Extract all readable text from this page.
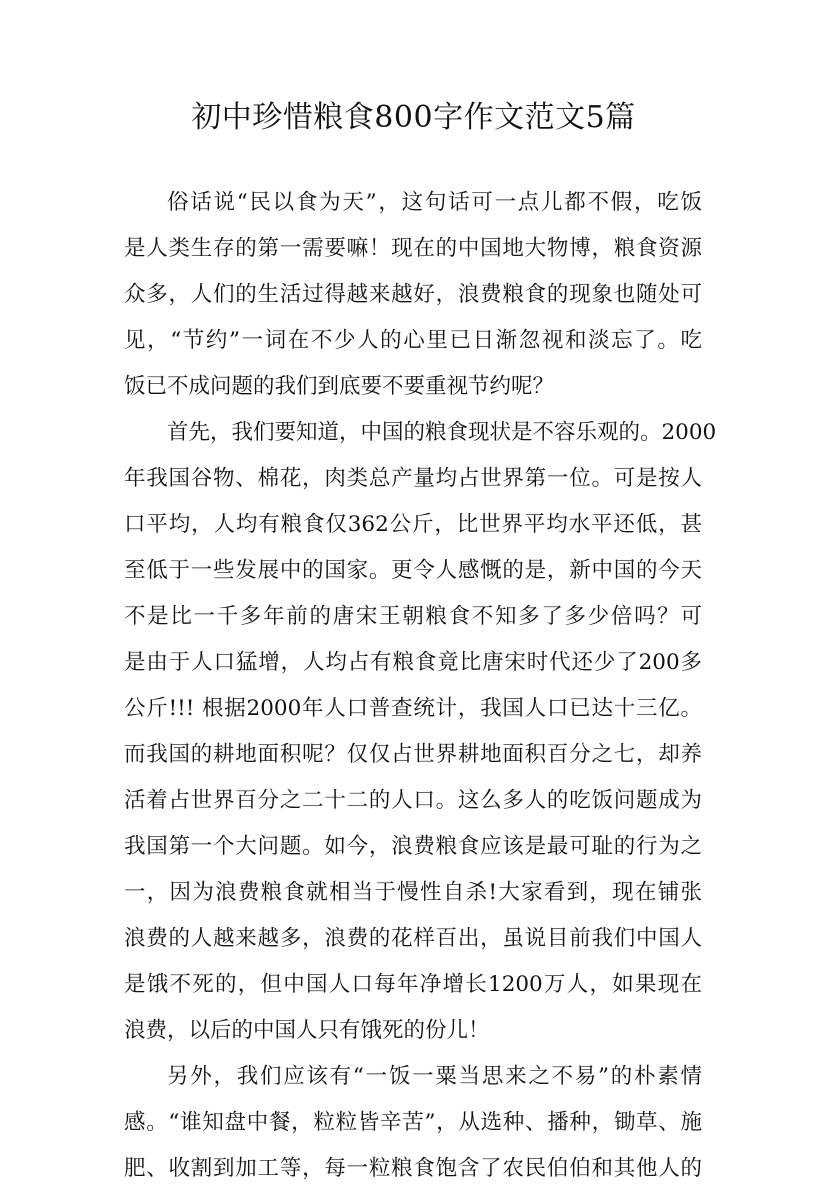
初中珍惜粮食800字作文范文5篇
俗话说“民以食为天”，这句话可一点儿都不假，吃饭
是人类生存的第一需要嘛！现在的中国地大物博，粮食资源
众多，人们的生活过得越来越好，浪费粮食的现象也随处可
见，“节约”一词在不少人的心里已日渐忽视和淡忘了。吃
饭已不成问题的我们到底要不要重视节约呢？
首先，我们要知道，中国的粮食现状是不容乐观的。2000
年我国谷物、棉花，肉类总产量均占世界第一位。可是按人
口平均，人均有粮食仅362公斤，比世界平均水平还低，甚
至低于一些发展中的国家。更令人感慨的是，新中国的今天
不是比一千多年前的唐宋王朝粮食不知多了多少倍吗？可
是由于人口猛增，人均占有粮食竟比唐宋时代还少了200多
公斤!!! 根据2000年人口普查统计，我国人口已达十三亿。
而我国的耕地面积呢？仅仅占世界耕地面积百分之七，却养
活着占世界百分之二十二的人口。这么多人的吃饭问题成为
我国第一个大问题。如今，浪费粮食应该是最可耻的行为之
一，因为浪费粮食就相当于慢性自杀!大家看到，现在铺张
浪费的人越来越多，浪费的花样百出，虽说目前我们中国人
是饿不死的，但中国人口每年净增长1200万人，如果现在
浪费，以后的中国人只有饿死的份儿！
另外，我们应该有“一饭一粟当思来之不易”的朴素情
感。“谁知盘中餐，粒粒皆辛苦”，从选种、播种，锄草、施
肥、收割到加工等，每一粒粮食饱含了农民伯伯和其他人的
